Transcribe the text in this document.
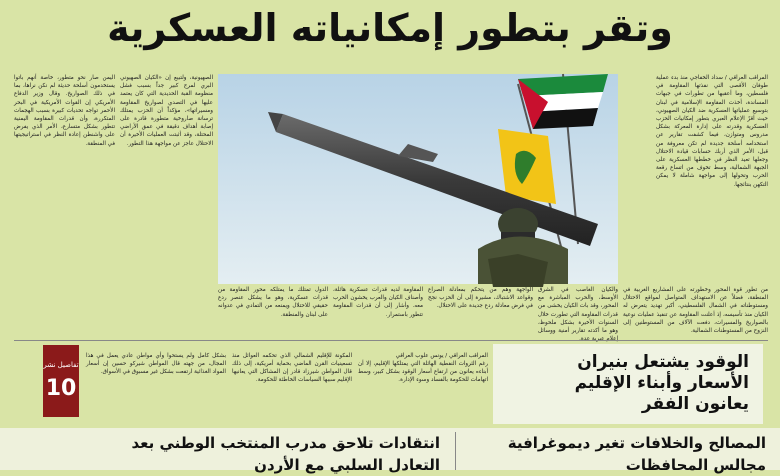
وتقر بتطور إمكانياته العسكرية

المراقب العراقي / سداد الخفاجي منذ بدء عملية طوفان الأقصى التي نفذتها المقاومة في فلسطين، وما أعقبها من تطورات في جبهات المساندة، أخذت المقاومة الإسلامية في لبنان بتوسيع عملياتها العسكرية ضد الكيان الصهيوني، حيث أقرّ الإعلام العبري بتطور إمكانيات الحزب العسكرية وقدرته على إدارة المعركة بشكل مدروس ومتوازن، فيما كشفت تقارير عن استخدامه أسلحة جديدة لم تكن معروفة من قبل، الأمر الذي أربك حسابات قيادة الاحتلال وجعلها تعيد النظر في خططها العسكرية على الجبهة الشمالية، وسط تخوف من اتساع رقعة الحرب وتحولها إلى مواجهة شاملة لا يمكن التكهن بنتائجها.

من تطور قوة المحور وخطورته على المشاريع الغربية في المنطقة، فضلاً عن الاستهداف المتواصل لمواقع الاحتلال ومستوطناته في الشمال الفلسطيني، أكبر تهديد يتعرض له الكيان منذ تأسيسه، إذ أعلنت المقاومة عن تنفيذ عمليات نوعية بالصواريخ والمسيرات، دفعت الآلاف من المستوطنين إلى النزوح من المستوطنات الشمالية.

والكيان الغاصب في الشرق الأوسط، والحرب المباشرة مع المحور، وقد بات الكيان يخشى من قدرات المقاومة التي تطورت خلال السنوات الأخيرة بشكل ملحوظ، وهو ما أكدته تقارير أمنية ووسائل

الواجهة وهم من يتحكم بمعادلة الصراع وقواعد الاشتباك، مشيرة إلى أن الحزب نجح في فرض معادلة ردع جديدة على الاحتلال.

المقاومة لديه قدرات عسكرية هائلة، وأصناف الكيان والعرب يخشون الحرب معه. وأشار إلى أن قدرات المقاومة تتطور باستمرار.

الدول تمتلك ما يمتلكه محور المقاومة من قدرات عسكرية، وهو ما يشكل عنصر ردع حقيقي للاحتلال ويمنعه من التمادي في عدوانه على لبنان والمنطقة.

الصهيونية، ولتبيع إن «الكيان الصهيوني البري لمرج كبير جداً بسبب فشل منظومة القبة الحديدية التي كان يعتمد عليها في التصدي لصواريخ المقاومة ومسيراتها»، مؤكداً أن الحزب يمتلك ترسانة صاروخية متطورة قادرة على إصابة أهداف دقيقة في عمق الأراضي المحتلة، وقد أثبتت العمليات الأخيرة أن الاحتلال عاجز عن مواجهة هذا التطور.

اليمن صار نحو متطور، خاصة أنهم باتوا يستخدمون أسلحة حديثة لم نكن نراها، بما في ذلك الصواريخ. وقال وزير الدفاع الأمريكي إن القوات الأمريكية في البحر الأحمر تواجه تحديات كبيرة بسبب الهجمات المتكررة، وأن قدرات المقاومة اليمنية تتطور بشكل متسارع، الأمر الذي يفرض على واشنطن إعادة النظر في استراتيجيتها في المنطقة.

المكونة للإقليم الشمالي الذي تحكمه العوائل منذ تسعينيات القرن الماضي بحماية أمريكية، إلى ذلك قال المواطن شيرزاد قادر إن المشاكل التي يعانيها الإقليم سببها السياسات الخاطئة للحكومة.

بشكل كامل ولم يستحوا وأي مواطن عادي يعمل في هذا المجال، من جهته قال المواطن شيركو حسين إن أسعار المواد الغذائية ارتفعت بشكل غير مسبوق في الأسواق.

المراقب العراقي / يونس علوب العراقي

رغم الثروات النفطية الهائلة التي يمتلكها الإقليم، إلا أن أبناءه يعانون من ارتفاع أسعار الوقود بشكل كبير، وسط اتهامات للحكومة بالفساد وسوء الإدارة.

الوقود يشتعل بنيران الأسعار وأبناء الإقليم يعانون الفقر
تفاصيل نشر
10
المصالح والخلافات تغير ديموغرافية مجالس المحافظات
انتقادات تلاحق مدرب المنتخب الوطني بعد التعادل السلبي مع الأردن
